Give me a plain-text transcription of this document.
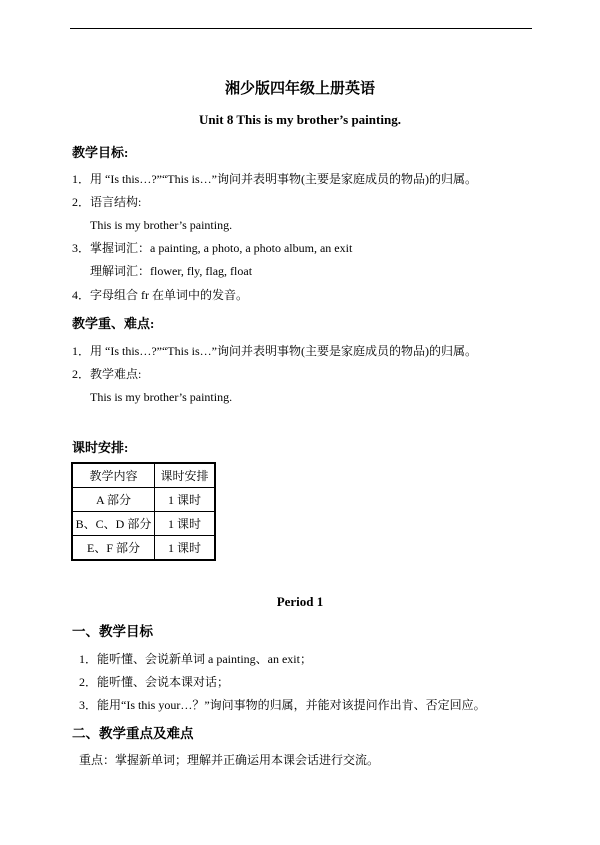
湘少版四年级上册英语
Unit 8 This is my brother’s painting.
教学目标:
1．用 “Is this…?”“This is…”询问并表明事物(主要是家庭成员的物品)的归属。
2．语言结构:
This is my brother’s painting.
3．掌握词汇：a painting, a photo, a photo album, an exit
理解词汇：flower, fly, flag, float
4．字母组合 fr 在单词中的发音。
教学重、难点:
1．用 “Is this…?”“This is…”询问并表明事物(主要是家庭成员的物品)的归属。
2．教学难点:
This is my brother’s painting.
课时安排:
教学内容	课时安排
A 部分	1 课时
B、C、D 部分	1 课时
E、F 部分	1 课时
Period 1
一、教学目标
1．能听懂、会说新单词 a painting、an exit；
2．能听懂、会说本课对话；
3．能用“Is this your…？”询问事物的归属，并能对该提问作出肯、否定回应。
二、教学重点及难点
重点：掌握新单词；理解并正确运用本课会话进行交流。
